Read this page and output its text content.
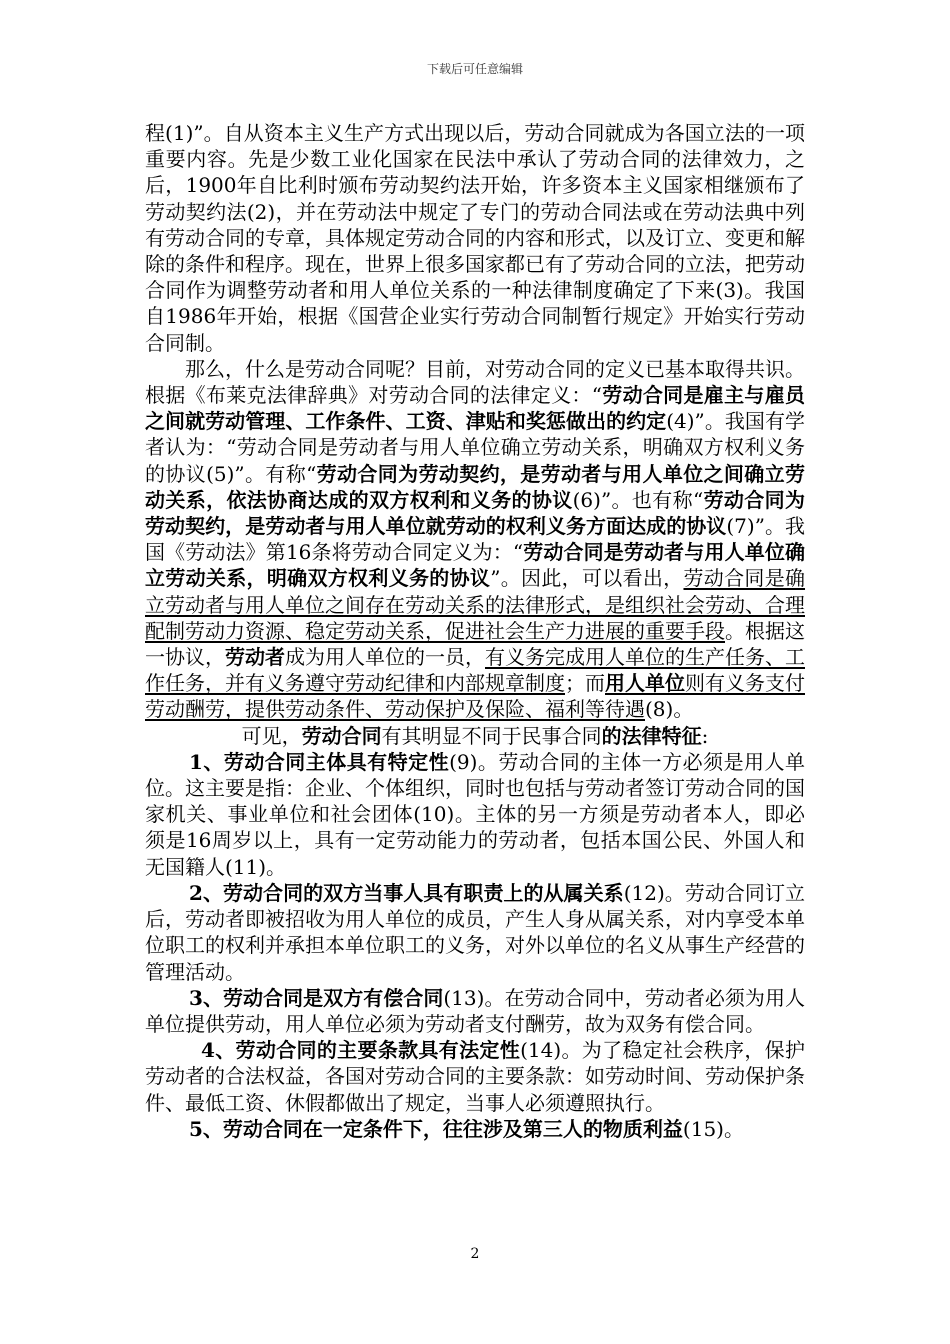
下载后可任意编辑

程(1)”。自从资本主义生产方式出现以后，劳动合同就成为各国立法的一项重要内容。先是少数工业化国家在民法中承认了劳动合同的法律效力，之后，1900年自比利时颁布劳动契约法开始，许多资本主义国家相继颁布了劳动契约法(2)，并在劳动法中规定了专门的劳动合同法或在劳动法典中列有劳动合同的专章，具体规定劳动合同的内容和形式，以及订立、变更和解除的条件和程序。现在，世界上很多国家都已有了劳动合同的立法，把劳动合同作为调整劳动者和用人单位关系的一种法律制度确定了下来(3)。我国自1986年开始，根据《国营企业实行劳动合同制暂行规定》开始实行劳动合同制。

那么，什么是劳动合同呢？目前，对劳动合同的定义已基本取得共识。根据《布莱克法律辞典》对劳动合同的法律定义：“劳动合同是雇主与雇员之间就劳动管理、工作条件、工资、津贴和奖惩做出的约定(4)”。我国有学者认为：“劳动合同是劳动者与用人单位确立劳动关系，明确双方权利义务的协议(5)”。有称“劳动合同为劳动契约，是劳动者与用人单位之间确立劳动关系，依法协商达成的双方权利和义务的协议(6)”。也有称“劳动合同为劳动契约，是劳动者与用人单位就劳动的权利义务方面达成的协议(7)”。我国《劳动法》第16条将劳动合同定义为：“劳动合同是劳动者与用人单位确立劳动关系，明确双方权利义务的协议”。因此，可以看出，劳动合同是确立劳动者与用人单位之间存在劳动关系的法律形式，是组织社会劳动、合理配制劳动力资源、稳定劳动关系，促进社会生产力进展的重要手段。根据这一协议，劳动者成为用人单位的一员，有义务完成用人单位的生产任务、工作任务，并有义务遵守劳动纪律和内部规章制度；而用人单位则有义务支付劳动酬劳，提供劳动条件、劳动保护及保险、福利等待遇(8)。

可见，劳动合同有其明显不同于民事合同的法律特征:

1、劳动合同主体具有特定性(9)。劳动合同的主体一方必须是用人单位。这主要是指：企业、个体组织，同时也包括与劳动者签订劳动合同的国家机关、事业单位和社会团体(10)。主体的另一方须是劳动者本人，即必须是16周岁以上，具有一定劳动能力的劳动者，包括本国公民、外国人和无国籍人(11)。

2、劳动合同的双方当事人具有职责上的从属关系(12)。劳动合同订立后，劳动者即被招收为用人单位的成员，产生人身从属关系，对内享受本单位职工的权利并承担本单位职工的义务，对外以单位的名义从事生产经营的管理活动。

3、劳动合同是双方有偿合同(13)。在劳动合同中，劳动者必须为用人单位提供劳动，用人单位必须为劳动者支付酬劳，故为双务有偿合同。

4、劳动合同的主要条款具有法定性(14)。为了稳定社会秩序，保护劳动者的合法权益，各国对劳动合同的主要条款：如劳动时间、劳动保护条件、最低工资、休假都做出了规定，当事人必须遵照执行。

5、劳动合同在一定条件下，往往涉及第三人的物质利益(15)。

2
